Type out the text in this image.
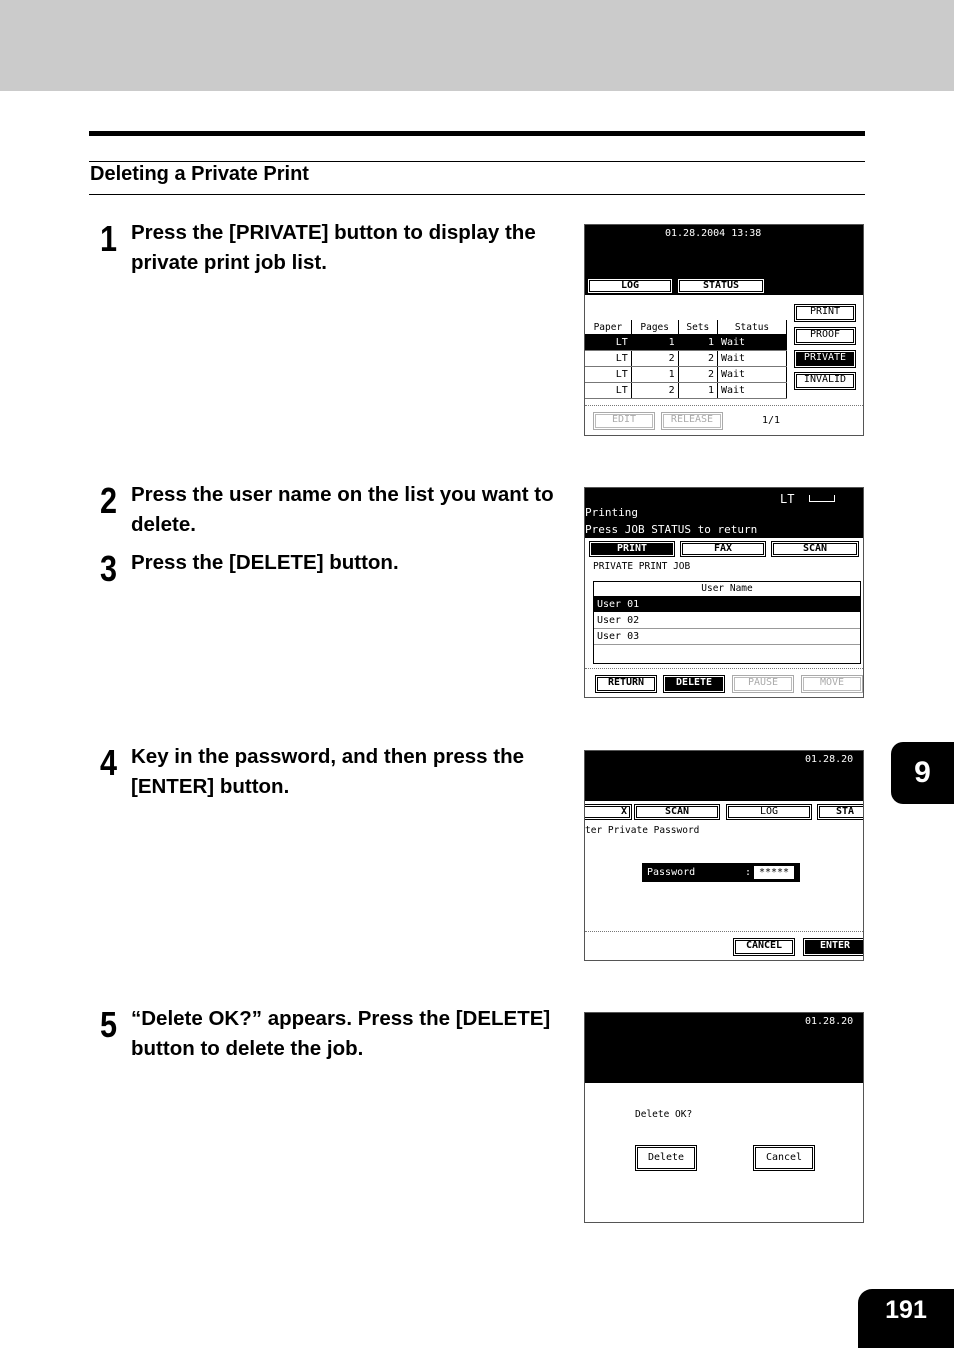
Deleting a Private Print
1 Press the [PRIVATE] button to display the private print job list.
2 Press the user name on the list you want to delete.
3 Press the [DELETE] button.
4 Key in the password, and then press the [ENTER] button.
5 “Delete OK?” appears. Press the [DELETE] button to delete the job.
01.28.2004 13:38
LOG	STATUS
Paper	Pages	Sets	Status
LT	1	1	Wait
LT	2	2	Wait
LT	1	2	Wait
LT	2	1	Wait
PRINT
PROOF
PRIVATE
INVALID
EDIT	RELEASE	1/1
LT
Printing
Press JOB STATUS to return
PRINT	FAX	SCAN
PRIVATE PRINT JOB
User Name
User 01
User 02
User 03
RETURN	DELETE	PAUSE	MOVE
01.28.20
X	SCAN	LOG	STA
ter Private Password
Password	: *****
CANCEL	ENTER
01.28.20
Delete OK?
Delete	Cancel
9
191
